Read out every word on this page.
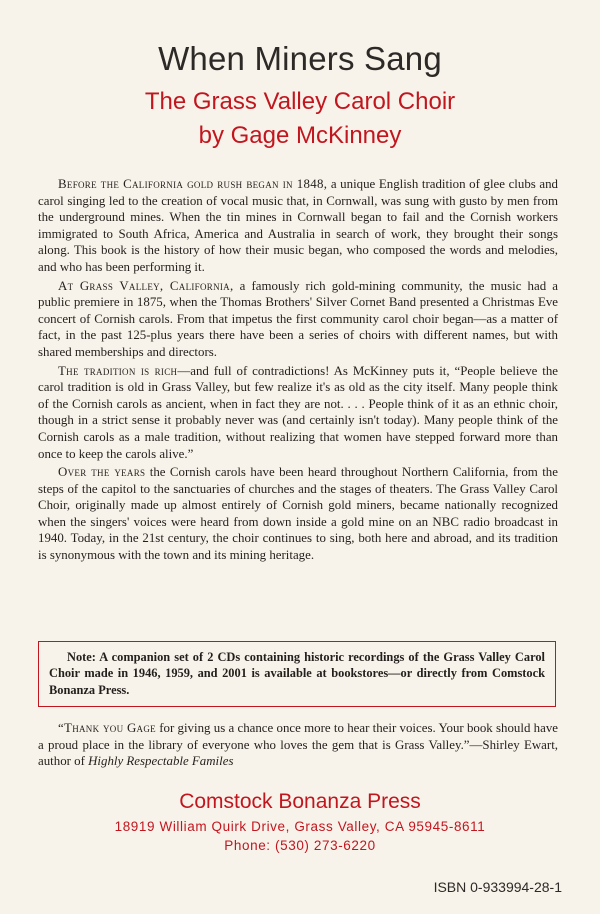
When Miners Sang
The Grass Valley Carol Choir
by Gage McKinney

Before the California gold rush began in 1848, a unique English tradition of glee clubs and carol singing led to the creation of vocal music that, in Cornwall, was sung with gusto by men from the underground mines. When the tin mines in Cornwall began to fail and the Cornish workers immigrated to South Africa, America and Australia in search of work, they brought their songs along. This book is the history of how their music began, who composed the words and melodies, and who has been performing it.

At Grass Valley, California, a famously rich gold-mining community, the music had a public premiere in 1875, when the Thomas Brothers' Silver Cornet Band presented a Christmas Eve concert of Cornish carols. From that impetus the first community carol choir began—as a matter of fact, in the past 125-plus years there have been a series of choirs with different names, but with shared memberships and directors.

The tradition is rich—and full of contradictions! As McKinney puts it, “People believe the carol tradition is old in Grass Valley, but few realize it's as old as the city itself. Many people think of the Cornish carols as ancient, when in fact they are not. . . . People think of it as an ethnic choir, though in a strict sense it probably never was (and certainly isn't today). Many people think of the Cornish carols as a male tradition, without realizing that women have stepped forward more than once to keep the carols alive.”

Over the years the Cornish carols have been heard throughout Northern California, from the steps of the capitol to the sanctuaries of churches and the stages of theaters. The Grass Valley Carol Choir, originally made up almost entirely of Cornish gold miners, became nationally recognized when the singers' voices were heard from down inside a gold mine on an NBC radio broadcast in 1940. Today, in the 21st century, the choir continues to sing, both here and abroad, and its tradition is synonymous with the town and its mining heritage.

Note: A companion set of 2 CDs containing historic recordings of the Grass Valley Carol Choir made in 1946, 1959, and 2001 is available at bookstores—or directly from Comstock Bonanza Press.
“Thank you Gage for giving us a chance once more to hear their voices. Your book should have a proud place in the library of everyone who loves the gem that is Grass Valley.”—Shirley Ewart, author of Highly Respectable Familes
Comstock Bonanza Press
18919 William Quirk Drive, Grass Valley, CA 95945-8611
Phone: (530) 273-6220
ISBN 0-933994-28-1
